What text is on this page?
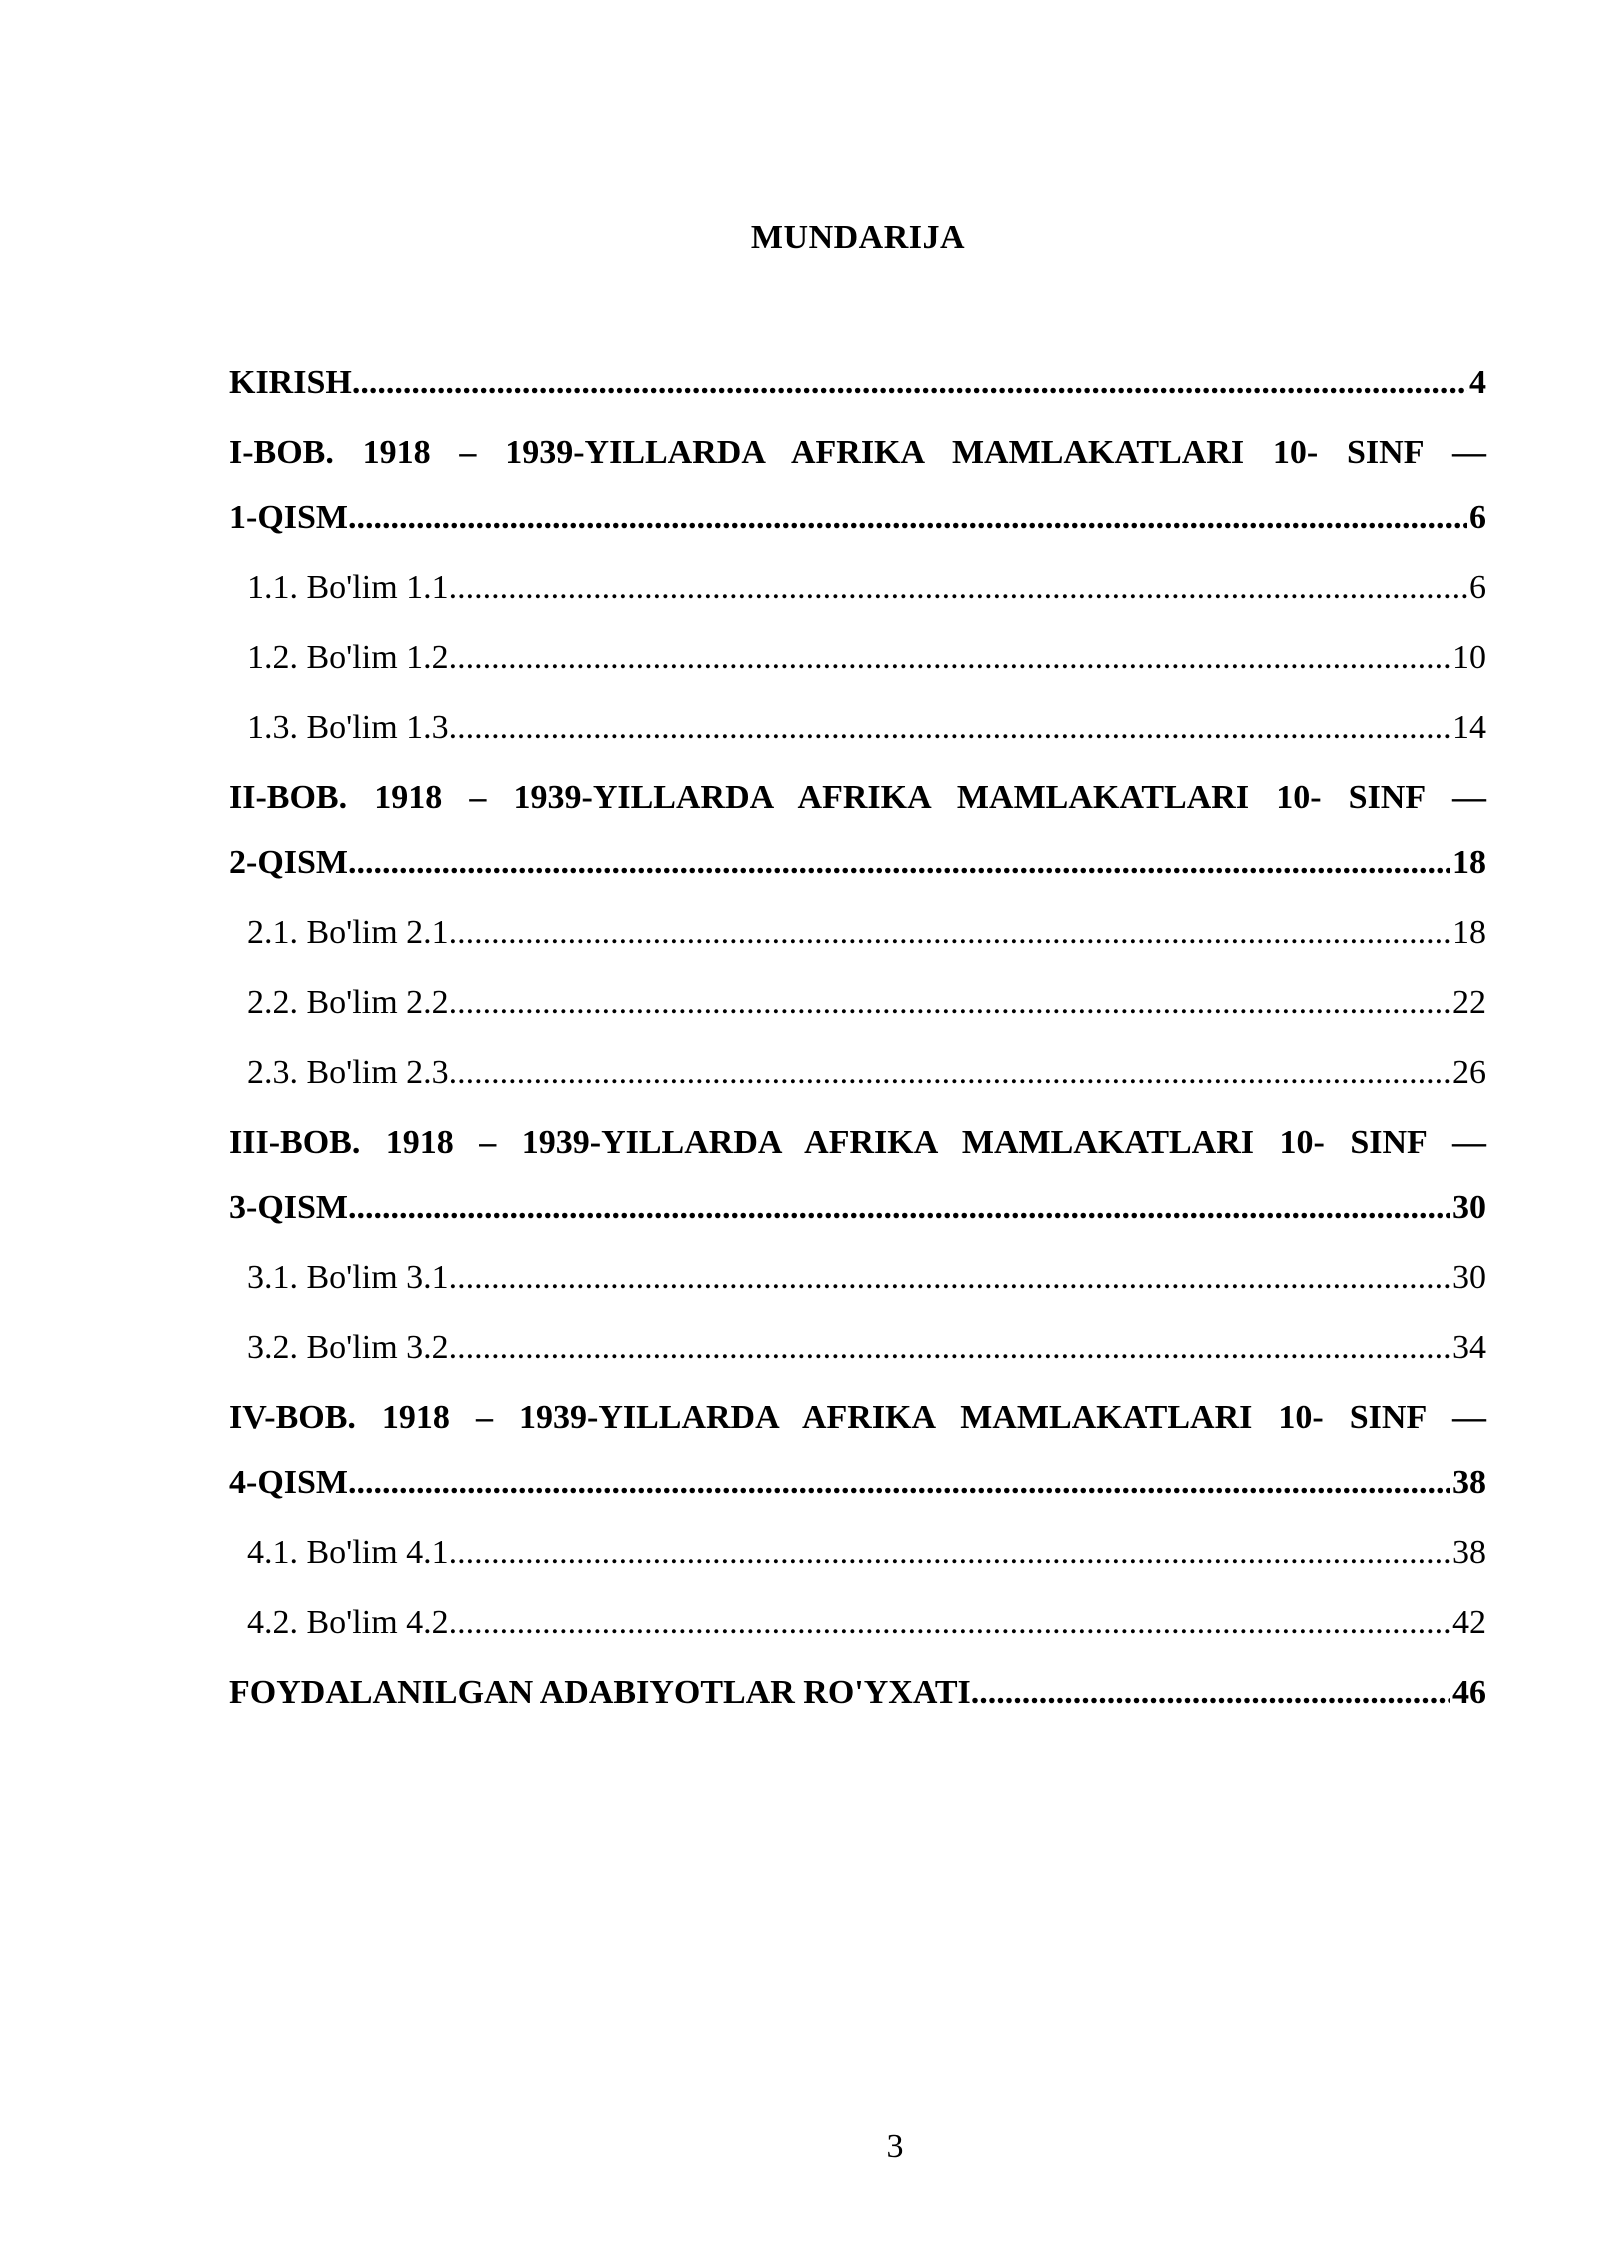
MUNDARIJA
KIRISH .....	4
I-BOB. 1918 – 1939-YILLARDA AFRIKA MAMLAKATLARI 10- SINF —
1-QISM .....	6
1.1. Bo'lim 1.1 .....	6
1.2. Bo'lim 1.2 .....	10
1.3. Bo'lim 1.3 .....	14
II-BOB. 1918 – 1939-YILLARDA AFRIKA MAMLAKATLARI 10- SINF —
2-QISM .....	18
2.1. Bo'lim 2.1 .....	18
2.2. Bo'lim 2.2 .....	22
2.3. Bo'lim 2.3 .....	26
III-BOB. 1918 – 1939-YILLARDA AFRIKA MAMLAKATLARI 10- SINF —
3-QISM .....	30
3.1. Bo'lim 3.1 .....	30
3.2. Bo'lim 3.2 .....	34
IV-BOB. 1918 – 1939-YILLARDA AFRIKA MAMLAKATLARI 10- SINF —
4-QISM .....	38
4.1. Bo'lim 4.1 .....	38
4.2. Bo'lim 4.2 .....	42
FOYDALANILGAN ADABIYOTLAR RO'YXATI .....	46
3
